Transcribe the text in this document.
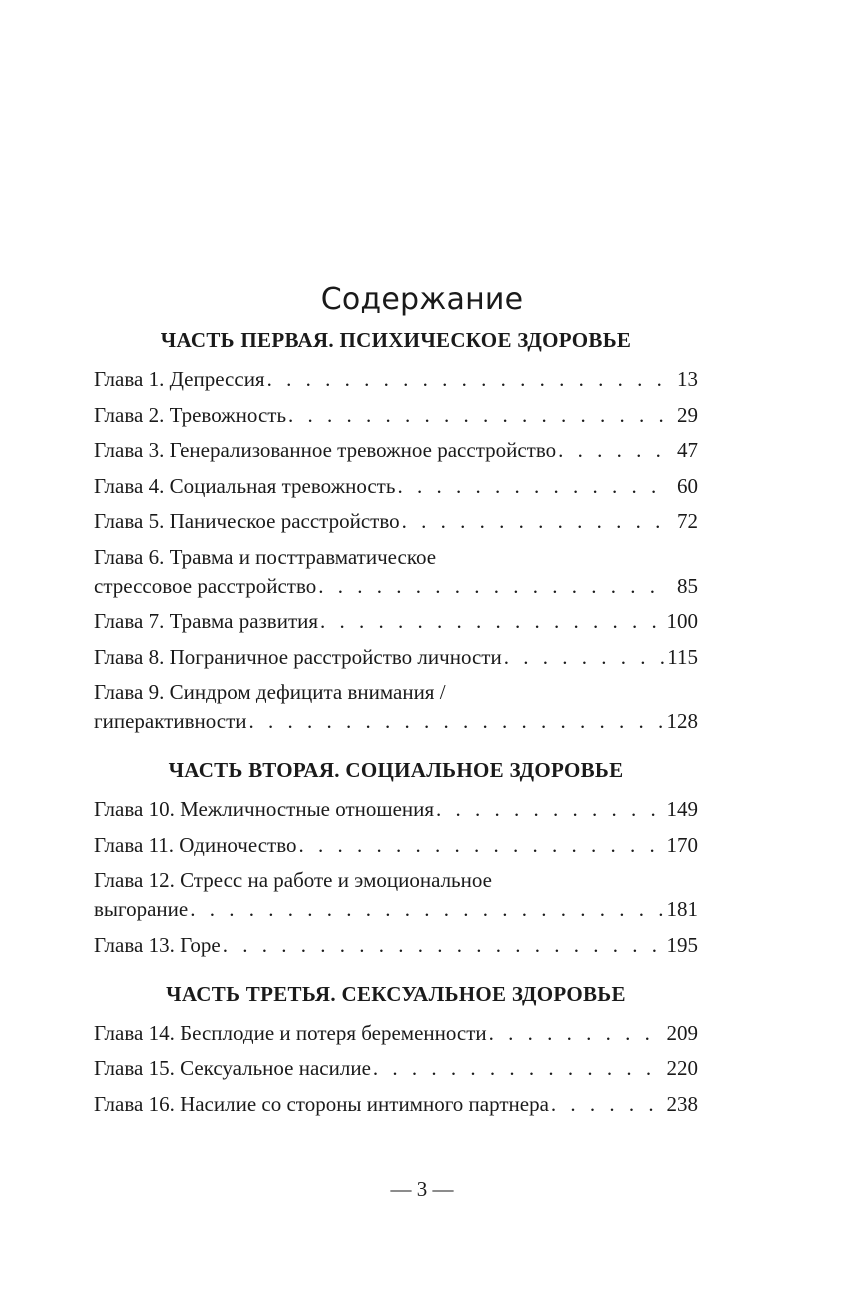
Содержание
ЧАСТЬ ПЕРВАЯ. ПСИХИЧЕСКОЕ ЗДОРОВЬЕ
Глава 1. Депрессия . . .	13
Глава 2. Тревожность . . .	29
Глава 3. Генерализованное тревожное расстройство . . .	47
Глава 4. Социальная тревожность . . .	60
Глава 5. Паническое расстройство . . .	72
Глава 6. Травма и посттравматическое
стрессовое расстройство . . .	85
Глава 7. Травма развития . . .	100
Глава 8. Пограничное расстройство личности . . .	115
Глава 9. Синдром дефицита внимания /
гиперактивности . . .	128
ЧАСТЬ ВТОРАЯ. СОЦИАЛЬНОЕ ЗДОРОВЬЕ
Глава 10. Межличностные отношения . . .	149
Глава 11. Одиночество . . .	170
Глава 12. Стресс на работе и эмоциональное
выгорание . . .	181
Глава 13. Горе . . .	195
ЧАСТЬ ТРЕТЬЯ. СЕКСУАЛЬНОЕ ЗДОРОВЬЕ
Глава 14. Бесплодие и потеря беременности . . .	209
Глава 15. Сексуальное насилие . . .	220
Глава 16. Насилие со стороны интимного партнера . . .	238
— 3 —
